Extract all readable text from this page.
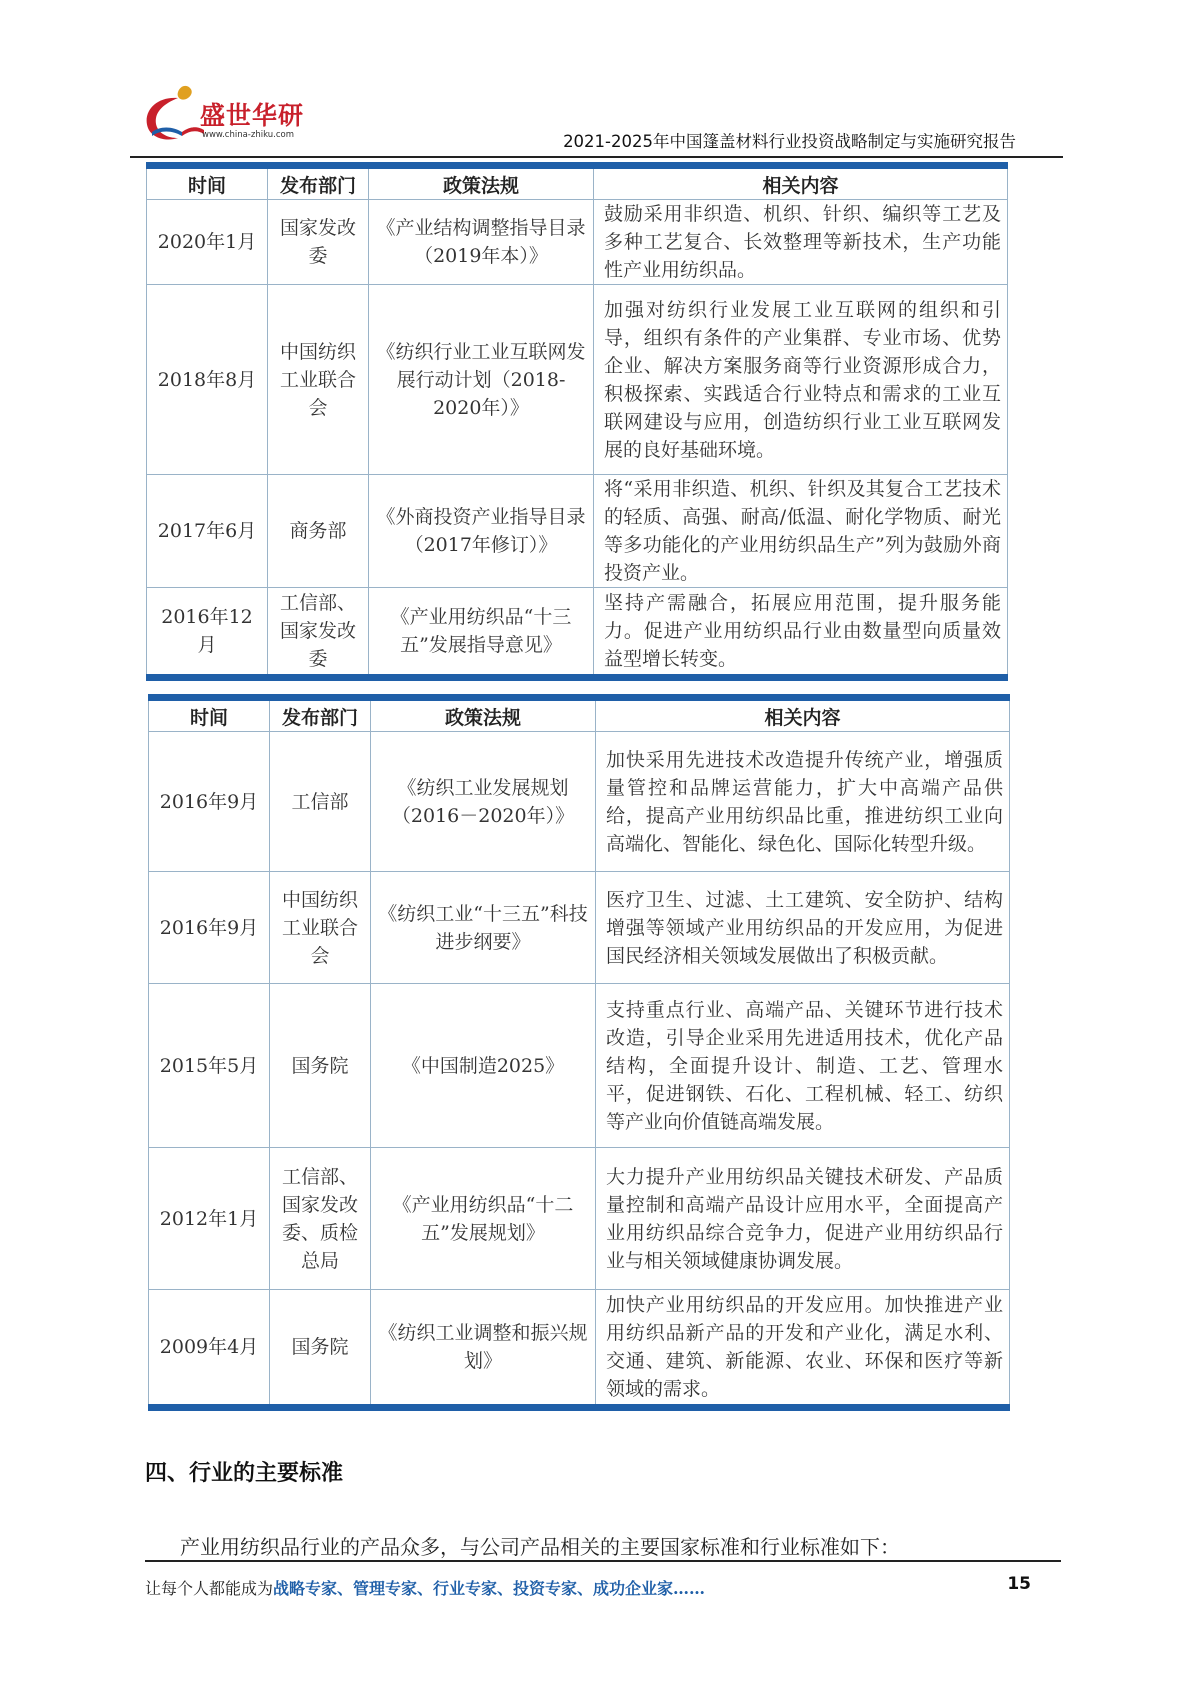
盛世华研
www.china-zhiku.com	2021-2025年中国篷盖材料行业投资战略制定与实施研究报告
时间	发布部门	政策法规	相关内容
2020年1月	国家发改委	《产业结构调整指导目录（2019年本）》	鼓励采用非织造、机织、针织、编织等工艺及多种工艺复合、长效整理等新技术，生产功能性产业用纺织品。
2018年8月	中国纺织工业联合会	《纺织行业工业互联网发展行动计划（2018-2020年）》	加强对纺织行业发展工业互联网的组织和引导，组织有条件的产业集群、专业市场、优势企业、解决方案服务商等行业资源形成合力，积极探索、实践适合行业特点和需求的工业互联网建设与应用，创造纺织行业工业互联网发展的良好基础环境。
2017年6月	商务部	《外商投资产业指导目录（2017年修订）》	将“采用非织造、机织、针织及其复合工艺技术的轻质、高强、耐高/低温、耐化学物质、耐光等多功能化的产业用纺织品生产”列为鼓励外商投资产业。
2016年12月	工信部、国家发改委	《产业用纺织品“十三五”发展指导意见》	坚持产需融合，拓展应用范围，提升服务能力。促进产业用纺织品行业由数量型向质量效益型增长转变。
时间	发布部门	政策法规	相关内容
2016年9月	工信部	《纺织工业发展规划（2016－2020年）》	加快采用先进技术改造提升传统产业，增强质量管控和品牌运营能力，扩大中高端产品供给，提高产业用纺织品比重，推进纺织工业向高端化、智能化、绿色化、国际化转型升级。
2016年9月	中国纺织工业联合会	《纺织工业“十三五”科技进步纲要》	医疗卫生、过滤、土工建筑、安全防护、结构增强等领域产业用纺织品的开发应用，为促进国民经济相关领域发展做出了积极贡献。
2015年5月	国务院	《中国制造2025》	支持重点行业、高端产品、关键环节进行技术改造，引导企业采用先进适用技术，优化产品结构，全面提升设计、制造、工艺、管理水平，促进钢铁、石化、工程机械、轻工、纺织等产业向价值链高端发展。
2012年1月	工信部、国家发改委、质检总局	《产业用纺织品“十二五”发展规划》	大力提升产业用纺织品关键技术研发、产品质量控制和高端产品设计应用水平，全面提高产业用纺织品综合竞争力，促进产业用纺织品行业与相关领域健康协调发展。
2009年4月	国务院	《纺织工业调整和振兴规划》	加快产业用纺织品的开发应用。加快推进产业用纺织品新产品的开发和产业化，满足水利、交通、建筑、新能源、农业、环保和医疗等新领域的需求。
四、行业的主要标准
产业用纺织品行业的产品众多，与公司产品相关的主要国家标准和行业标准如下：
让每个人都能成为战略专家、管理专家、行业专家、投资专家、成功企业家……	15
